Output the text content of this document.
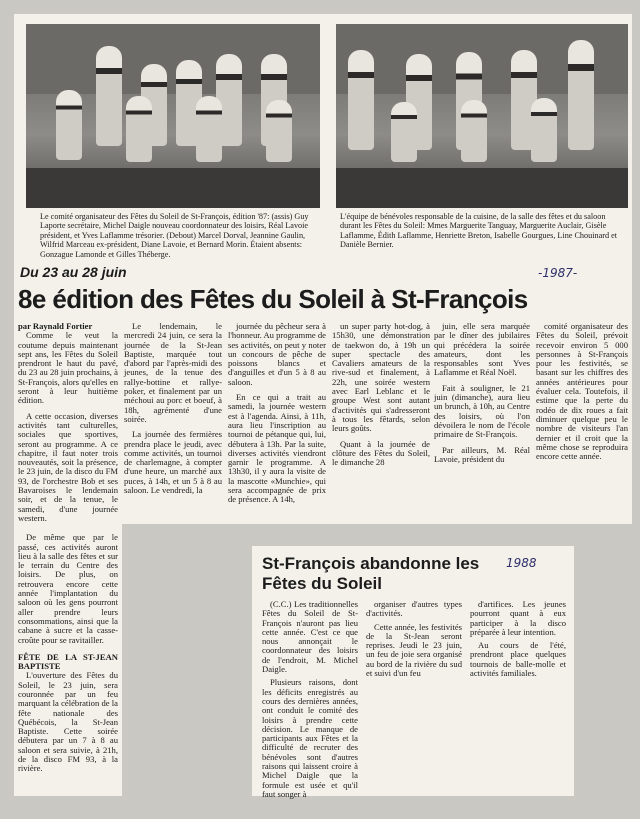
Le comité organisateur des Fêtes du Soleil de St-François, édition '87: (assis) Guy Laporte secrétaire, Michel Daigle nouveau coordonnateur des loisirs, Réal Lavoie président, et Yves Laflamme trésorier. (Debout) Marcel Dorval, Jeannine Gaulin, Wilfrid Marceau ex-président, Diane Lavoie, et Bernard Morin. Étaient absents: Gonzague Lamonde et Gilles Théberge.

L'équipe de bénévoles responsable de la cuisine, de la salle des fêtes et du saloon durant les Fêtes du Soleil: Mmes Marguerite Tanguay, Marguerite Auclair, Gisèle Laflamme, Édith Laflamme, Henriette Breton, Isabelle Gourgues, Line Chouinard et Danièle Bernier.

Du 23 au 28 juin	-1987-

8e édition des Fêtes du Soleil à St-François

par Raynald Fortier

Comme le veut la coutume depuis maintenant sept ans, les Fêtes du Soleil prendront le haut du pavé, du 23 au 28 juin prochains, à St-François, alors qu'elles en seront à leur huitième édition.

A cette occasion, diverses activités tant culturelles, sociales que sportives, seront au programme. A ce chapitre, il faut noter trois nouveautés, soit la présence, le 23 juin, de la disco du FM 93, de l'orchestre Bob et ses Bavaroises le lendemain soir, et de la tenue, le samedi, d'une journée western.

De même que par le passé, ces activités auront lieu à la salle des fêtes et sur le terrain du Centre des loisirs. De plus, on retrouvera encore cette année l'implantation du saloon où les gens pourront aller prendre leurs consommations, ainsi que la cabane à sucre et la casse-croûte pour se ravitailler.

FÊTE DE LA ST-JEAN BAPTISTE

L'ouverture des Fêtes du Soleil, le 23 juin, sera couronnée par un feu marquant la célébration de la fête nationale des Québécois, la St-Jean Baptiste. Cette soirée débutera par un 7 à 8 au saloon et sera suivie, à 21h, de la disco FM 93, à la rivière.

Le lendemain, le mercredi 24 juin, ce sera la journée de la St-Jean Baptiste, marquée tout d'abord par l'après-midi des jeunes, de la tenue des rallye-bottine et rallye-poker, et finalement par un méchoui au porc et boeuf, à 18h, agrémenté d'une soirée.

La journée des fermières prendra place le jeudi, avec comme activités, un tournoi de charlemagne, à compter d'une heure, un marché aux puces, à 14h, et un 5 à 8 au saloon. Le vendredi, la

journée du pêcheur sera à l'honneur. Au programme de ses activités, on peut y noter un concours de pêche de poissons blancs et d'anguilles et d'un 5 à 8 au saloon.

En ce qui a trait au samedi, la journée western est à l'agenda. Ainsi, à 11h, aura lieu l'inscription au tournoi de pétanque qui, lui, débutera à 13h. Par la suite, diverses activités viendront garnir le programme. A 13h30, il y aura la visite de la mascotte «Munchie», qui sera accompagnée de prix de présence. A 14h,

un super party hot-dog, à 15h30, une démonstration de taekwon do, à 19h un super spectacle des Cavaliers amateurs de la rive-sud et finalement, à 22h, une soirée western avec Earl Leblanc et le groupe West sont autant d'activités qui s'adresseront à tous les fêtards, selon leurs goûts.

Quant à la journée de clôture des Fêtes du Soleil, le dimanche 28

juin, elle sera marquée par le dîner des jubilaires qui précédera la soirée amateurs, dont les responsables sont Yves Laflamme et Réal Noël.

Fait à souligner, le 21 juin (dimanche), aura lieu un brunch, à 10h, au Centre des loisirs, où l'on dévoilera le nom de l'école primaire de St-François.

Par ailleurs, M. Réal Lavoie, président du

comité organisateur des Fêtes du Soleil, prévoit recevoir environ 5 000 personnes à St-François pour les festivités, se basant sur les chiffres des années antérieures pour évaluer cela. Toutefois, il estime que la perte du rodéo de dix roues a fait diminuer quelque peu le nombre de visiteurs l'an dernier et il croit que la même chose se reproduira encore cette année.

St-François abandonne les Fêtes du Soleil

1988

(C.C.) Les traditionnelles Fêtes du Soleil de St-François n'auront pas lieu cette année. C'est ce que nous annonçait le coordonnateur des loisirs de l'endroit, M. Michel Daigle.

Plusieurs raisons, dont les déficits enregistrés au cours des dernières années, ont conduit le comité des loisirs à prendre cette décision. Le manque de participants aux Fêtes et la difficulté de recruter des bénévoles sont d'autres raisons qui laissent croire à Michel Daigle que la formule est usée et qu'il faut songer à

organiser d'autres types d'activités.

Cette année, les festivités de la St-Jean seront reprises. Jeudi le 23 juin, un feu de joie sera organisé au bord de la rivière du sud et suivi d'un feu

d'artifices. Les jeunes pourront quant à eux participer à la disco préparée à leur intention.

Au cours de l'été, prendront place quelques tournois de balle-molle et activités familiales.
